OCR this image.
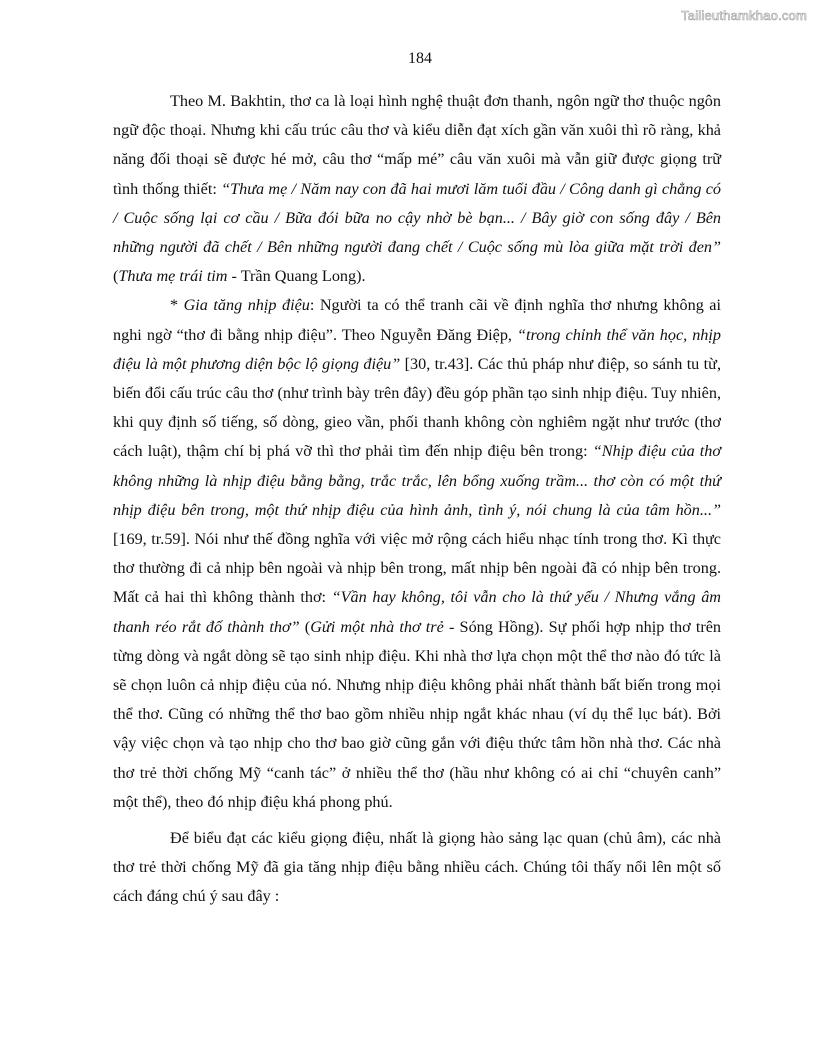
Tailieuthamkhao.com
184

Theo M. Bakhtin, thơ ca là loại hình nghệ thuật đơn thanh, ngôn ngữ thơ thuộc ngôn ngữ độc thoại. Nhưng khi cấu trúc câu thơ và kiểu diễn đạt xích gần văn xuôi thì rõ ràng, khả năng đối thoại sẽ được hé mở, câu thơ “mấp mé” câu văn xuôi mà vẫn giữ được giọng trữ tình thống thiết: “Thưa mẹ / Năm nay con đã hai mươi lăm tuổi đầu / Công danh gì chẳng có / Cuộc sống lại cơ cầu / Bữa đói bữa no cậy nhờ bè bạn... / Bây giờ con sống đây / Bên những người đã chết / Bên những người đang chết / Cuộc sống mù lòa giữa mặt trời đen” (Thưa mẹ trái tim - Trần Quang Long).

* Gia tăng nhịp điệu: Người ta có thể tranh cãi về định nghĩa thơ nhưng không ai nghi ngờ “thơ đi bằng nhịp điệu”. Theo Nguyễn Đăng Điệp, “trong chỉnh thể văn học, nhịp điệu là một phương diện bộc lộ giọng điệu” [30, tr.43]. Các thủ pháp như điệp, so sánh tu từ, biến đổi cấu trúc câu thơ (như trình bày trên đây) đều góp phần tạo sinh nhịp điệu. Tuy nhiên, khi quy định số tiếng, số dòng, gieo vần, phối thanh không còn nghiêm ngặt như trước (thơ cách luật), thậm chí bị phá vỡ thì thơ phải tìm đến nhịp điệu bên trong: “Nhịp điệu của thơ không những là nhịp điệu bằng bằng, trắc trắc, lên bổng xuống trầm... thơ còn có một thứ nhịp điệu bên trong, một thứ nhịp điệu của hình ảnh, tình ý, nói chung là của tâm hồn...” [169, tr.59]. Nói như thế đồng nghĩa với việc mở rộng cách hiểu nhạc tính trong thơ. Kì thực thơ thường đi cả nhịp bên ngoài và nhịp bên trong, mất nhịp bên ngoài đã có nhịp bên trong. Mất cả hai thì không thành thơ: “Vần hay không, tôi vẫn cho là thứ yếu / Nhưng vắng âm thanh réo rắt đố thành thơ” (Gửi một nhà thơ trẻ - Sóng Hồng). Sự phối hợp nhịp thơ trên từng dòng và ngắt dòng sẽ tạo sinh nhịp điệu. Khi nhà thơ lựa chọn một thể thơ nào đó tức là sẽ chọn luôn cả nhịp điệu của nó. Nhưng nhịp điệu không phải nhất thành bất biến trong mọi thể thơ. Cũng có những thể thơ bao gồm nhiều nhịp ngắt khác nhau (ví dụ thể lục bát). Bởi vậy việc chọn và tạo nhịp cho thơ bao giờ cũng gắn với điệu thức tâm hồn nhà thơ. Các nhà thơ trẻ thời chống Mỹ “canh tác” ở nhiều thể thơ (hầu như không có ai chỉ “chuyên canh” một thể), theo đó nhịp điệu khá phong phú.

Để biểu đạt các kiểu giọng điệu, nhất là giọng hào sảng lạc quan (chủ âm), các nhà thơ trẻ thời chống Mỹ đã gia tăng nhịp điệu bằng nhiều cách. Chúng tôi thấy nổi lên một số cách đáng chú ý sau đây :
